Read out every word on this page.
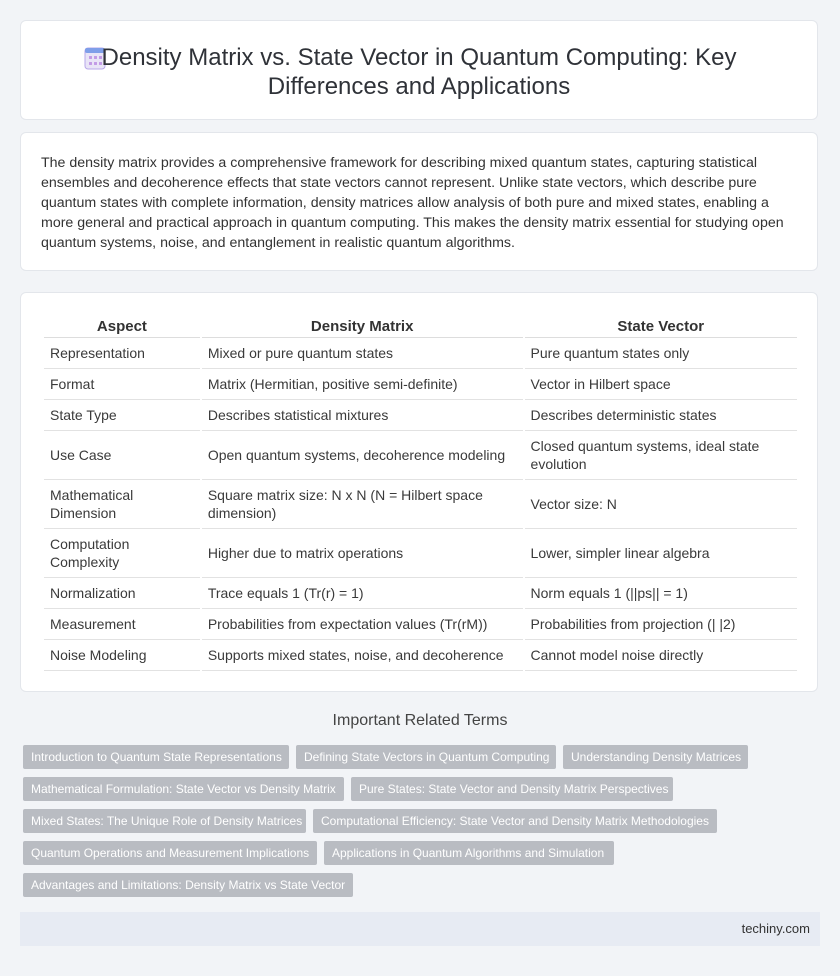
Density Matrix vs. State Vector in Quantum Computing: Key Differences and Applications

The density matrix provides a comprehensive framework for describing mixed quantum states, capturing statistical ensembles and decoherence effects that state vectors cannot represent. Unlike state vectors, which describe pure quantum states with complete information, density matrices allow analysis of both pure and mixed states, enabling a more general and practical approach in quantum computing. This makes the density matrix essential for studying open quantum systems, noise, and entanglement in realistic quantum algorithms.

Aspect	Density Matrix	State Vector
Representation	Mixed or pure quantum states	Pure quantum states only
Format	Matrix (Hermitian, positive semi-definite)	Vector in Hilbert space
State Type	Describes statistical mixtures	Describes deterministic states
Use Case	Open quantum systems, decoherence modeling	Closed quantum systems, ideal state evolution
Mathematical Dimension	Square matrix size: N x N (N = Hilbert space dimension)	Vector size: N
Computation Complexity	Higher due to matrix operations	Lower, simpler linear algebra
Normalization	Trace equals 1 (Tr(r) = 1)	Norm equals 1 (||ps|| = 1)
Measurement	Probabilities from expectation values (Tr(rM))	Probabilities from projection (| |2)
Noise Modeling	Supports mixed states, noise, and decoherence	Cannot model noise directly
Important Related Terms
Introduction to Quantum State Representations	Defining State Vectors in Quantum Computing	Understanding Density Matrices
Mathematical Formulation: State Vector vs Density Matrix	Pure States: State Vector and Density Matrix Perspectives
Mixed States: The Unique Role of Density Matrices	Computational Efficiency: State Vector and Density Matrix Methodologies
Quantum Operations and Measurement Implications	Applications in Quantum Algorithms and Simulation
Advantages and Limitations: Density Matrix vs State Vector
techiny.com
